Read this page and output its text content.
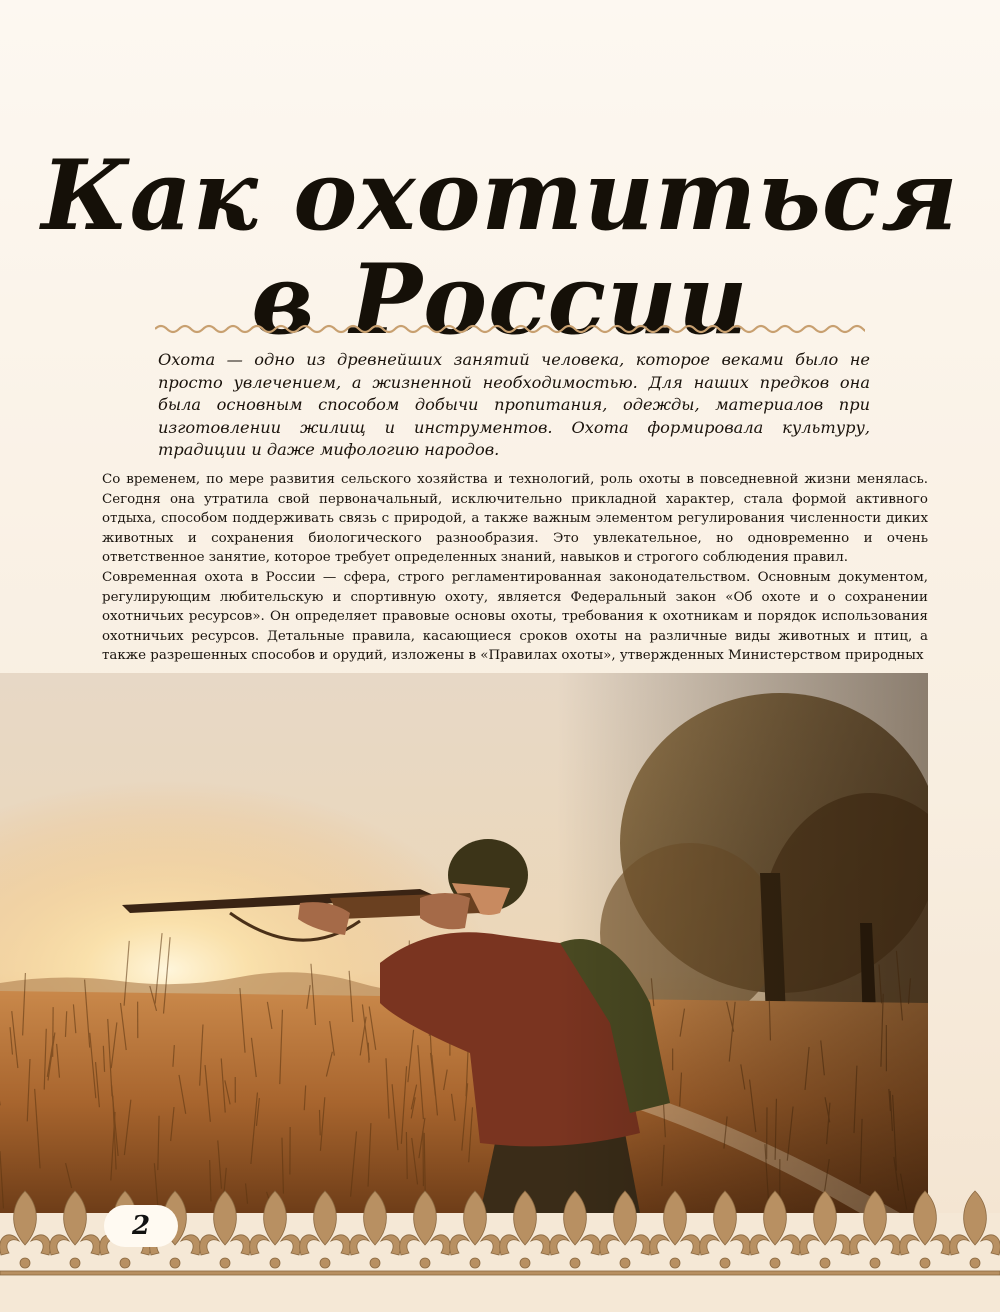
Как охотиться
в России

Охота — одно из древнейших занятий человека, которое веками было не просто увлечением, а жизненной необходимостью. Для наших предков она была основным способом добычи пропитания, одежды, материалов при изготовлении жилищ и инструментов. Охота формировала культуру, традиции и даже мифологию народов.

Со временем, по мере развития сельского хозяйства и технологий, роль охоты в повседневной жизни менялась. Сегодня она утратила свой первоначальный, исключительно прикладной характер, стала формой активного отдыха, способом поддерживать связь с природой, а также важным элементом регулирования численности диких животных и сохранения биологического разнообразия. Это увлекательное, но одновременно и очень ответственное занятие, которое требует определенных знаний, навыков и строгого соблюдения правил.

Современная охота в России — сфера, строго регламентированная законодательством. Основным документом, регулирующим любительскую и спортивную охоту, является Федеральный закон «Об охоте и о сохранении охотничьих ресурсов». Он определяет правовые основы охоты, требования к охотникам и порядок использования охотничьих ресурсов. Детальные правила, касающиеся сроков охоты на различные виды животных и птиц, а также разрешенных способов и орудий, изложены в «Правилах охоты», утвержденных Министерством природных

2
